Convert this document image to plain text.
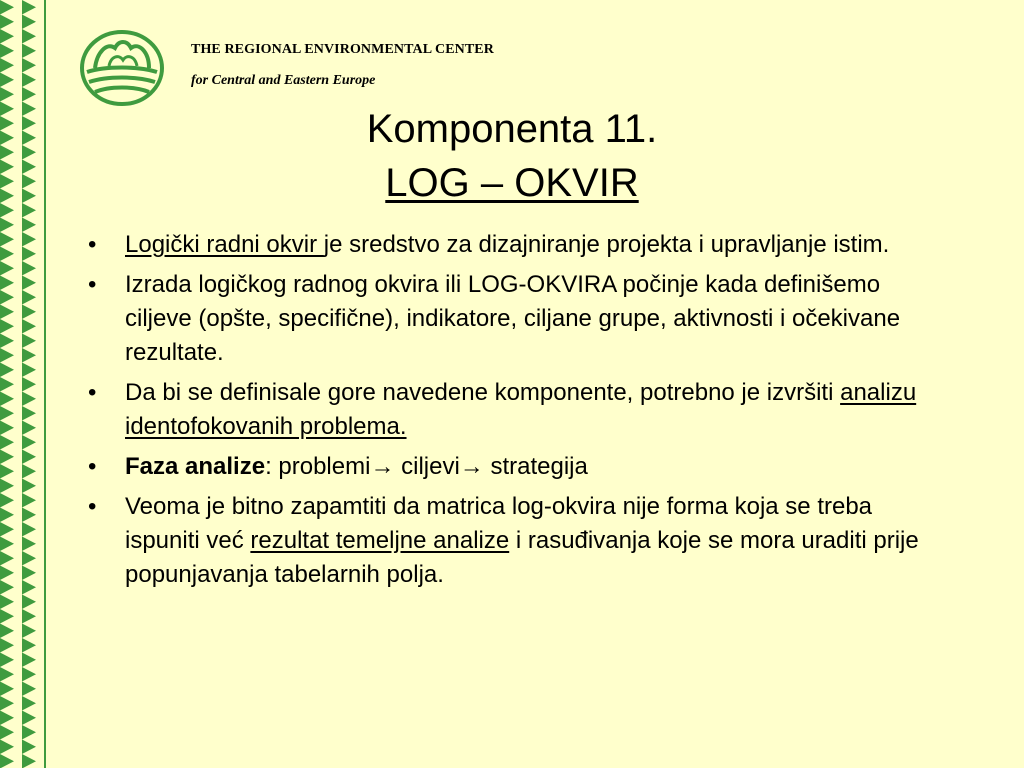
THE REGIONAL ENVIRONMENTAL CENTER
for Central and Eastern Europe
Komponenta 11.
LOG – OKVIR
• Logički radni okvir je sredstvo za dizajniranje projekta i upravljanje istim.
• Izrada logičkog radnog okvira ili LOG-OKVIRA počinje kada definišemo ciljeve (opšte, specifične), indikatore, ciljane grupe, aktivnosti i očekivane rezultate.
• Da bi se definisale gore navedene komponente, potrebno je izvršiti analizu identofokovanih problema.
• Faza analize: problemi→ ciljevi→ strategija
• Veoma je bitno zapamtiti da matrica log-okvira nije forma koja se treba ispuniti već rezultat temeljne analize i rasuđivanja koje se mora uraditi prije popunjavanja tabelarnih polja.
